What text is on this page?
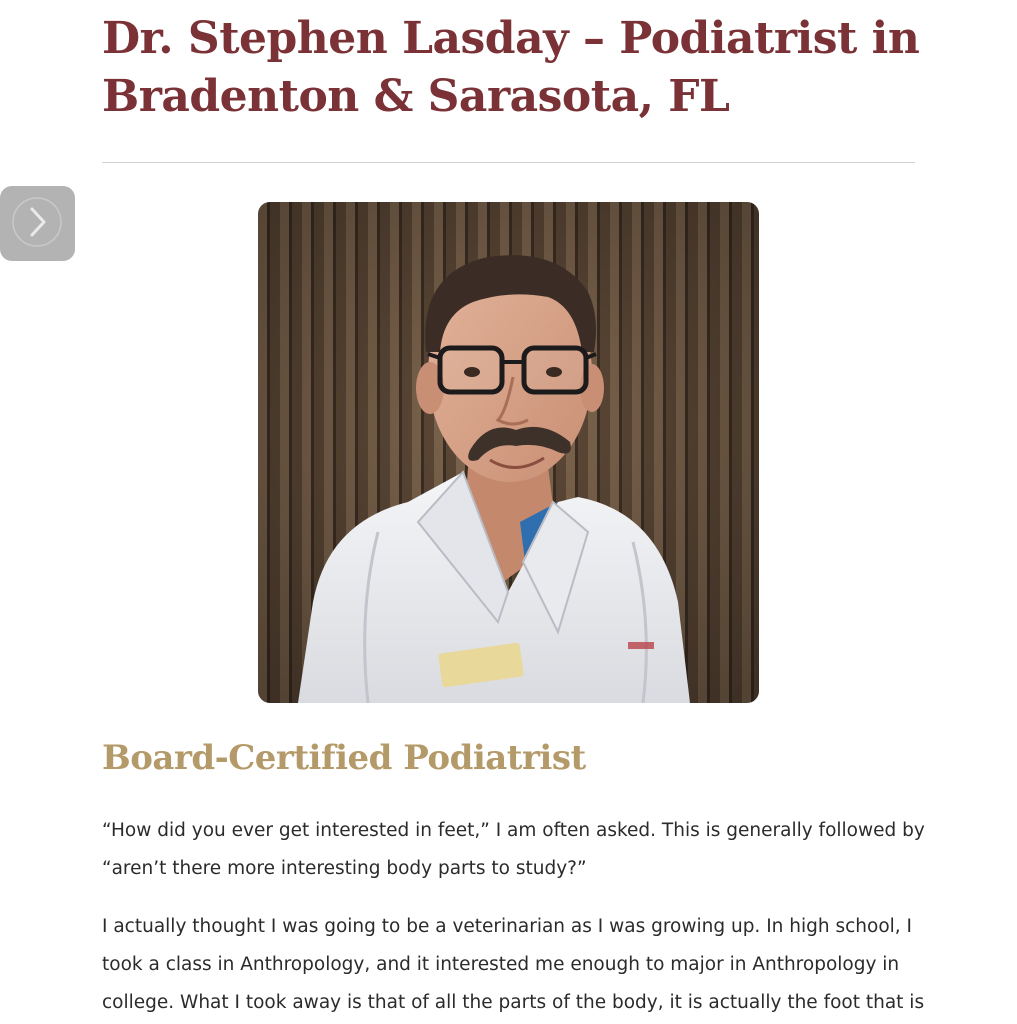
Dr. Stephen Lasday – Podiatrist in Bradenton & Sarasota, FL
Board-Certified Podiatrist

“How did you ever get interested in feet,” I am often asked. This is generally followed by “aren’t there more interesting body parts to study?”

I actually thought I was going to be a veterinarian as I was growing up. In high school, I took a class in Anthropology, and it interested me enough to major in Anthropology in college. What I took away is that of all the parts of the body, it is actually the foot that is
